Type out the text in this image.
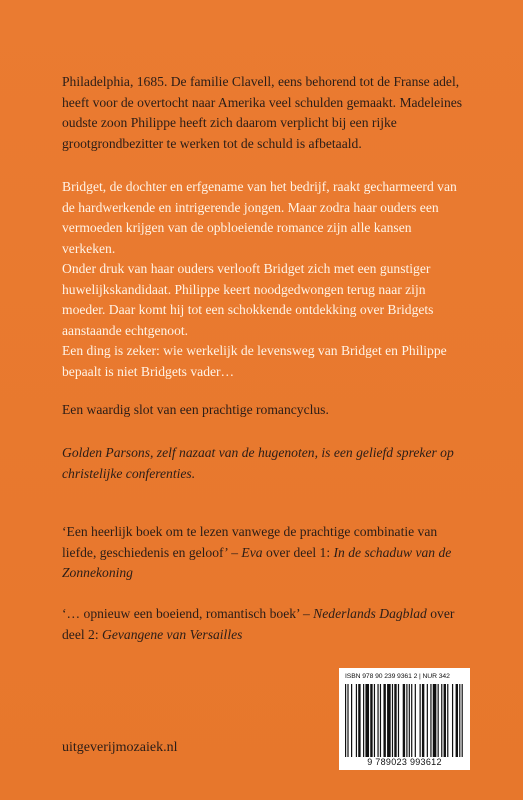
Philadelphia, 1685. De familie Clavell, eens behorend tot de Franse adel, heeft voor de overtocht naar Amerika veel schulden gemaakt. Madeleines oudste zoon Philippe heeft zich daarom verplicht bij een rijke grootgrondbezitter te werken tot de schuld is afbetaald.

Bridget, de dochter en erfgename van het bedrijf, raakt gecharmeerd van de hardwerkende en intrigerende jongen. Maar zodra haar ouders een vermoeden krijgen van de opbloeiende romance zijn alle kansen verkeken.
Onder druk van haar ouders verlooft Bridget zich met een gunstiger huwelijkskandidaat. Philippe keert noodgedwongen terug naar zijn moeder. Daar komt hij tot een schokkende ontdekking over Bridgets aanstaande echtgenoot.
Een ding is zeker: wie werkelijk de levensweg van Bridget en Philippe bepaalt is niet Bridgets vader…

Een waardig slot van een prachtige romancyclus.

Golden Parsons, zelf nazaat van de hugenoten, is een geliefd spreker op christelijke conferenties.

‘Een heerlijk boek om te lezen vanwege de prachtige combinatie van liefde, geschiedenis en geloof’ – Eva over deel 1: In de schaduw van de Zonnekoning

‘… opnieuw een boeiend, romantisch boek’ – Nederlands Dagblad over deel 2: Gevangene van Versailles

ISBN 978 90 239 9361 2 | NUR 342
9 789023 993612
uitgeverijmozaiek.nl
